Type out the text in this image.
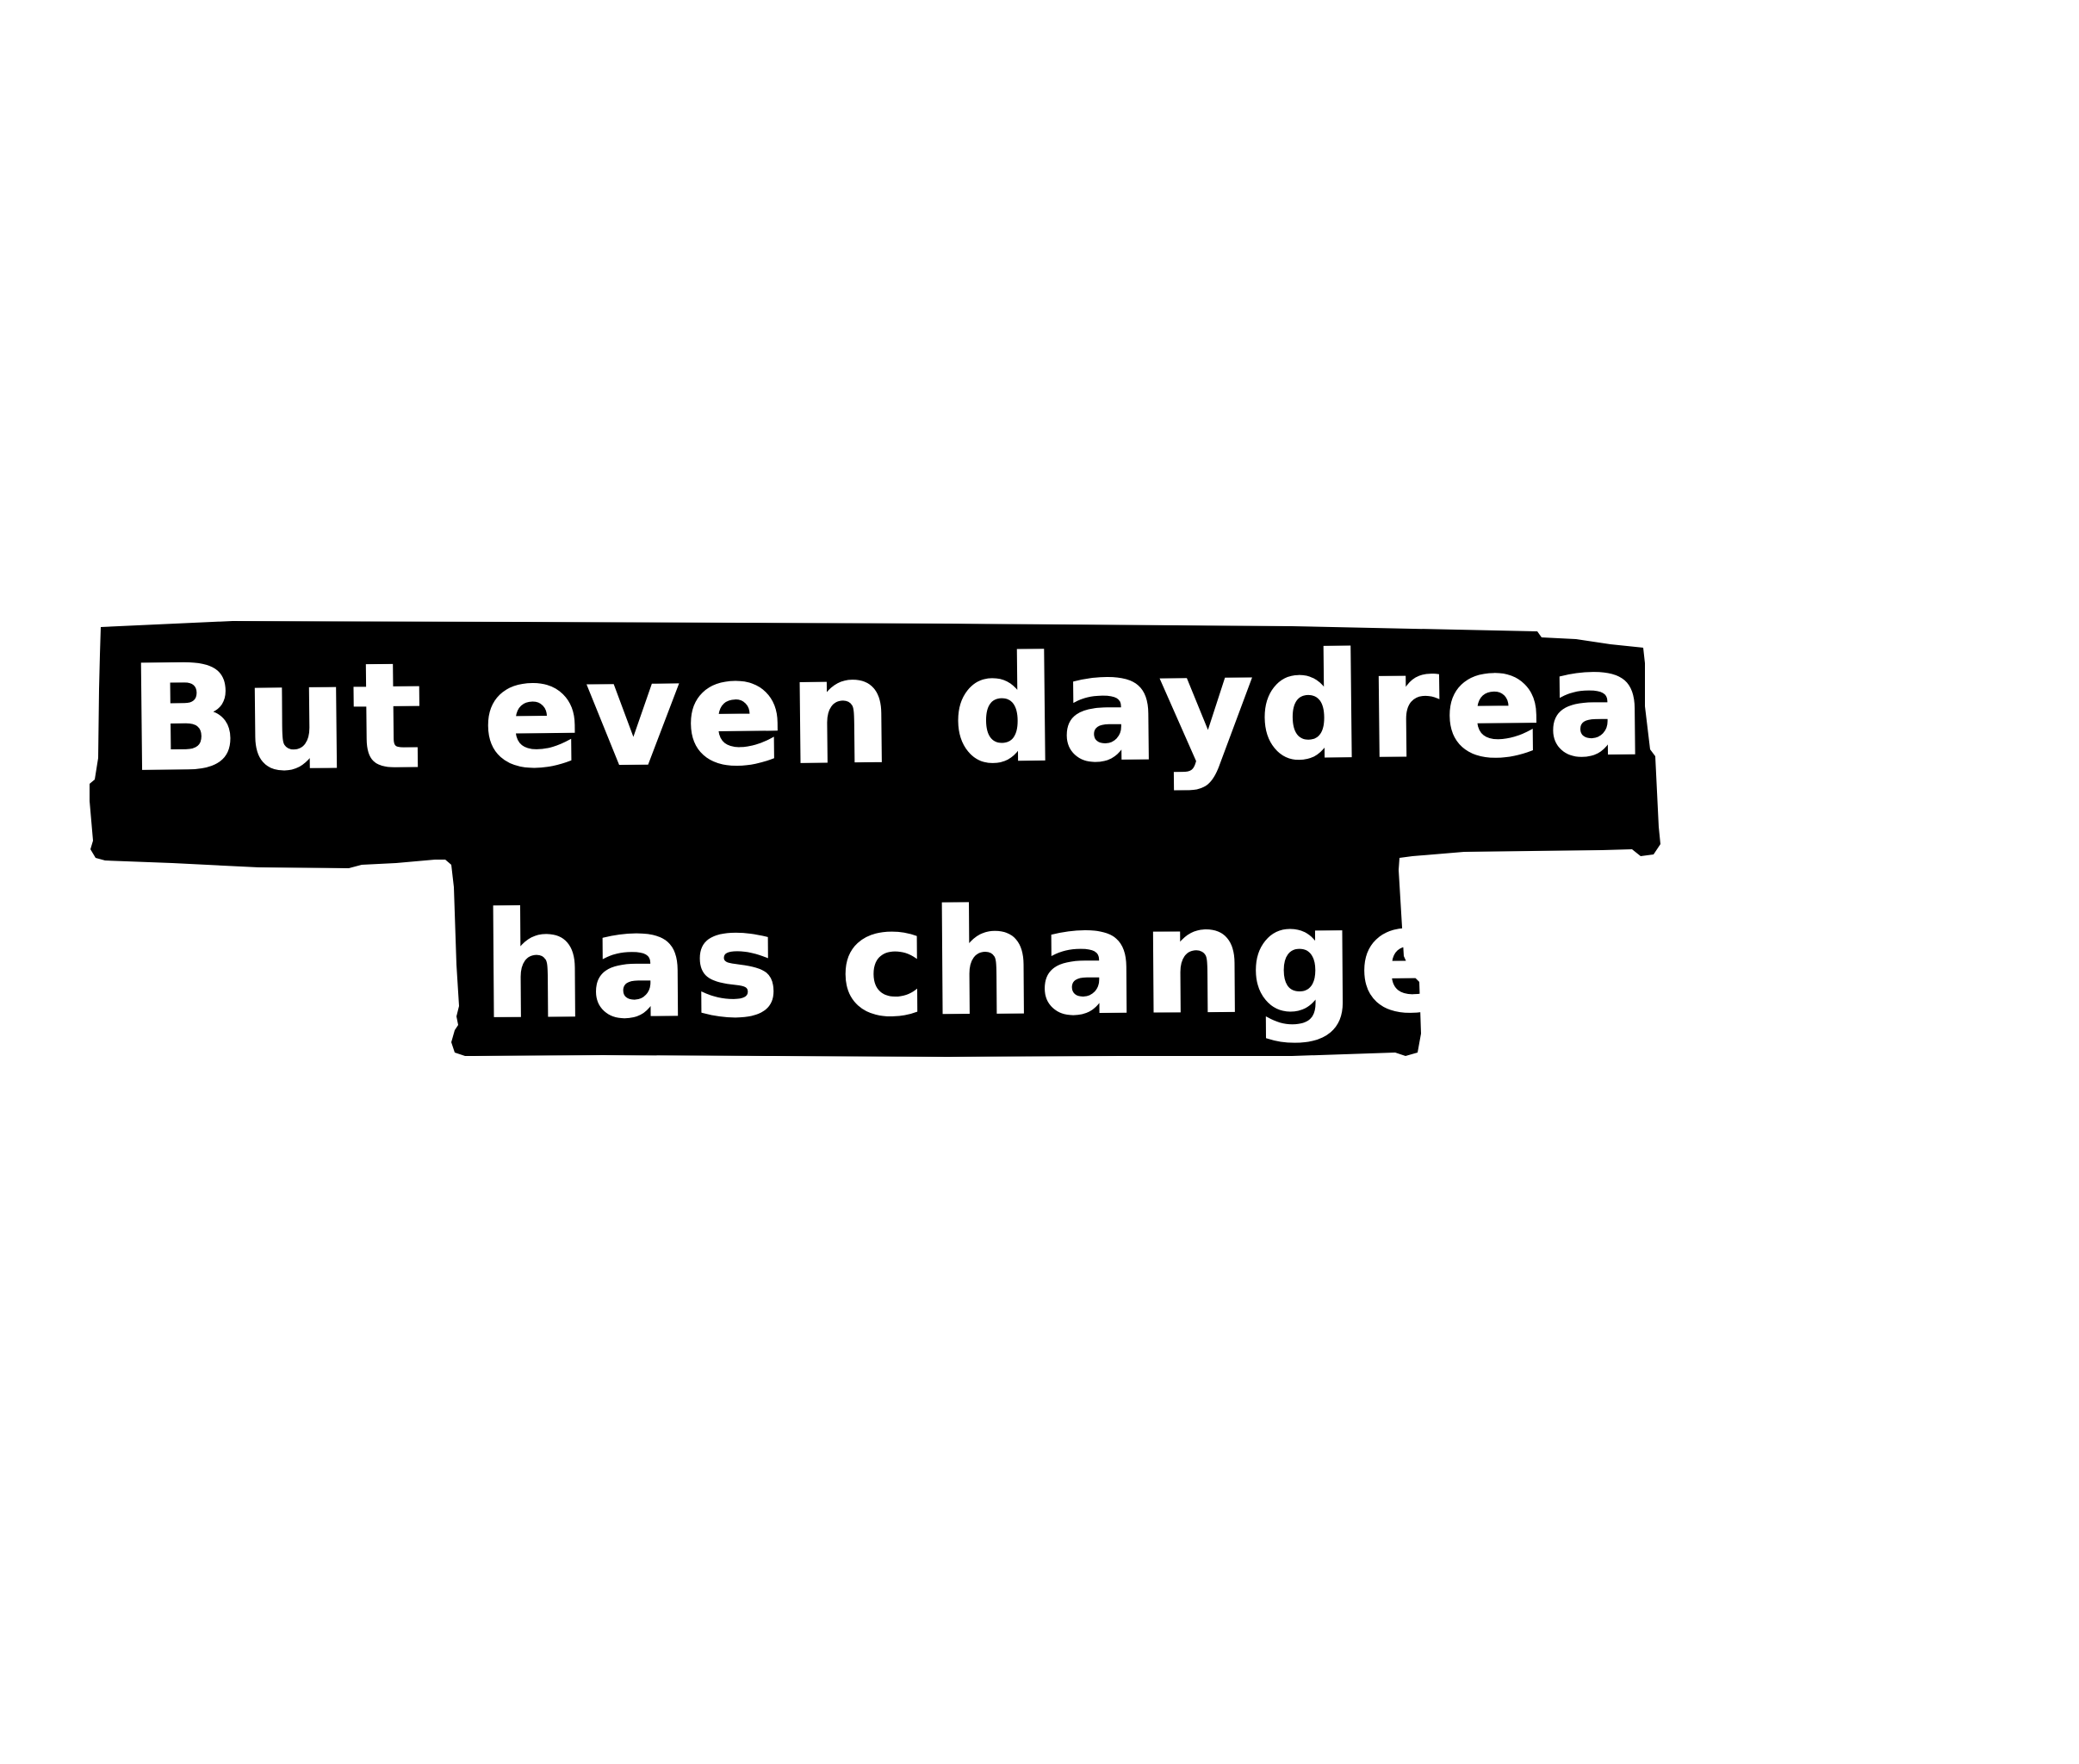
But even daydreaming
has changed.
